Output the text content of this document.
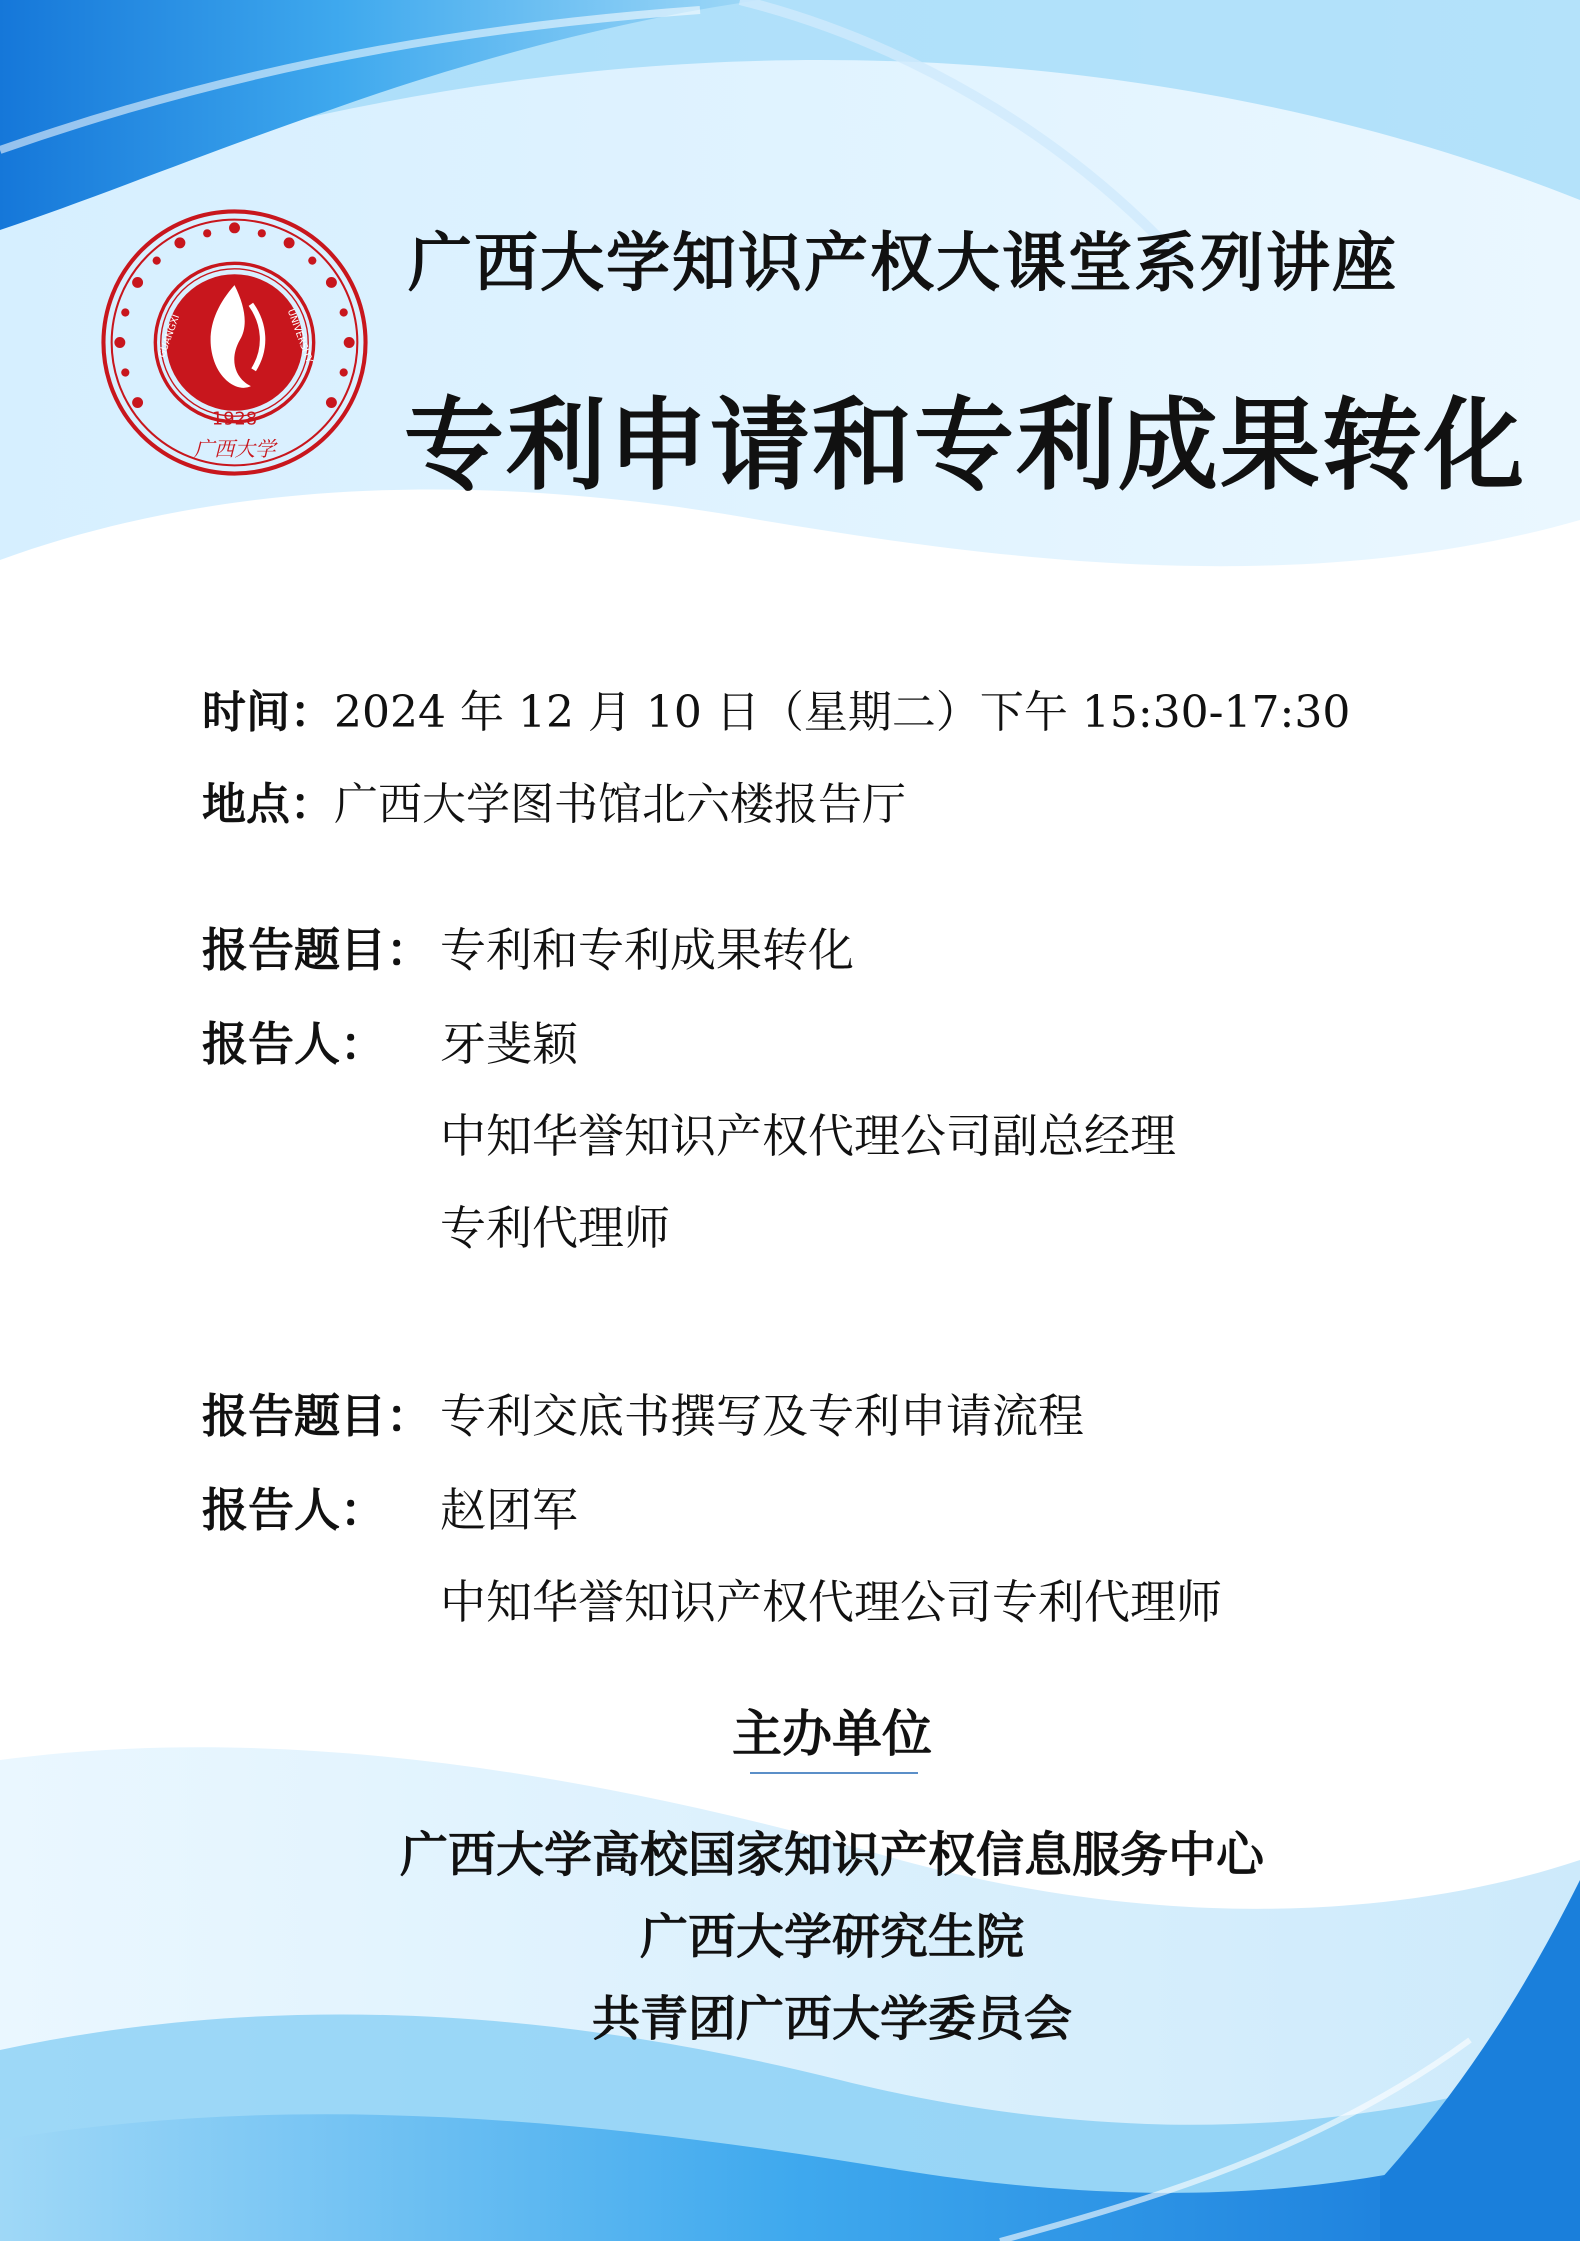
1928
广西大学
GUANGXI	UNIVERSITY
广西大学知识产权大课堂系列讲座
专利申请和专利成果转化
时间：2024 年 12 月 10 日（星期二）下午 15:30-17:30
地点：广西大学图书馆北六楼报告厅
报告题目： 专利和专利成果转化
报告人： 牙斐颖
中知华誉知识产权代理公司副总经理
专利代理师
报告题目： 专利交底书撰写及专利申请流程
报告人： 赵团军
中知华誉知识产权代理公司专利代理师
主办单位
广西大学高校国家知识产权信息服务中心
广西大学研究生院
共青团广西大学委员会
